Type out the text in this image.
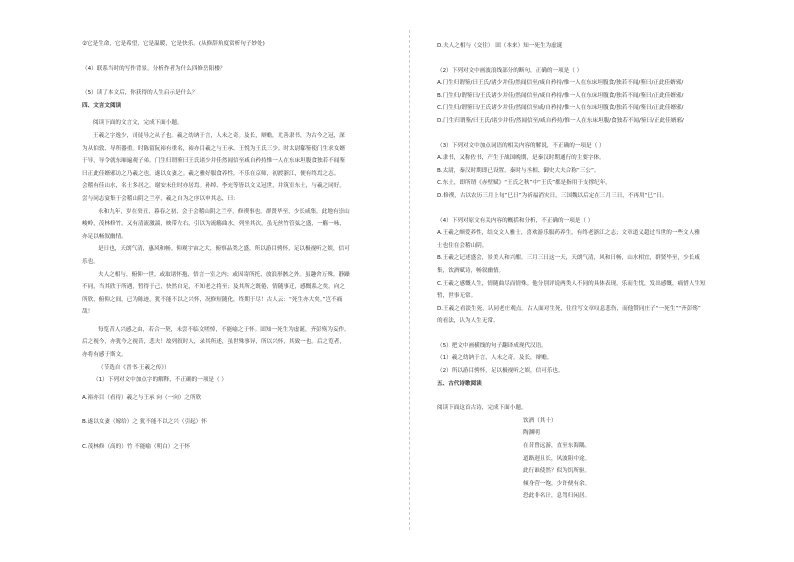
②它是生命，它是希望，它是温暖，它是快乐。(从修辞角度赏析句子妙处)
（4）联系当时的写作背景，分析作者为什么四修岳阳楼？
（5）读了本文后，你获得的人生启示是什么？
四、文言文阅读
阅读下面的文言文，完成下面小题。
王羲之字逸少，司徒导之从子也。羲之幼讷于言，人未之奇。及长，辩赡，尤善隶书，为古今之冠，深
为从伯敦、导所器重。时陈留阮裕有重名，裕亦目羲之与王承、王悦为王氏三少。时太尉郗鉴使门生求女婿
于导，导令就东厢遍观子弟。门生归谓鉴曰王氏诸少并佳然闻信至咸自矜持惟一人在东床坦腹食独若不闻鉴
曰正此佳婿邪访之乃羲之也，遂以女妻之。羲之雅好服食养性，不乐在京师，初渡浙江，便有终焉之志。
会稽有佳山水，名士多居之，谢安未仕时亦居焉。孙绰、李充等皆以文义冠世，并筑室东土，与羲之同好。
尝与同志宴集于会稽山阴之兰亭，羲之自为之序以申其志，曰：
永和九年，岁在癸丑，暮春之初，会于会稽山阴之兰亭，修禊事也。群贤毕至，少长咸集。此地有崇山
峻岭，茂林修竹，又有清流激湍，映带左右，引以为流觞曲水，列坐其次。虽无丝竹管弦之盛，一觞一咏，
亦足以畅叙幽情。
是日也，天朗气清，惠风和畅。仰观宇宙之大，俯察品类之盛，所以游目骋怀，足以极视听之娱，信可
乐也。
夫人之相与，俯仰一世。或取诸怀抱，悟言一室之内；或因寄所托，放浪形骸之外。虽趣舍万殊，静躁
不同，当其欣于所遇，暂得于己，快然自足，不知老之将至；及其所之既倦，情随事迁，感慨系之矣。向之
所欣，俯仰之间，已为陈迹，犹不能不以之兴怀，况修短随化，终期于尽！古人云：“死生亦大矣。”岂不痛
哉！
每览昔人兴感之由，若合一契，未尝不临文嗟悼，不能喻之于怀。固知一死生为虚诞，齐彭殇为妄作。
后之视今，亦犹今之视昔，悲夫！故列叙时人，录其所述，虽世殊事异，所以兴怀，其致一也。后之览者，
亦将有感于斯文。
（节选自《晋书·王羲之传》）
（1）下列对文中加点字的解释，不正确的一项是（ ）
A.裕亦目（看待）羲之与王承 向（一向）之所欣
B.遂以女妻（嫁给）之 犹不能不以之兴（引起）怀
C.茂林修（高的）竹 不能喻（明白）之于怀
D.夫人之相与（交往） 固（本来）知一死生为虚诞
（2）下列对文中画波浪线部分的断句，正确的一项是（ ）
A.门生归谓鉴/曰王氏/诸少并佳/然闻信至/咸自矜持/惟一人在东床坦腹食/独若不闻/鉴曰/正此佳婿邪/
B.门生归/谓鉴曰/王氏诸少并佳/然闻信至/咸自矜持/惟一人在东床坦腹食/独若不闻/鉴曰/正此佳婿邪/
C.门生归/谓鉴曰/王氏诸少并佳/然闻信至咸/自矜持/惟一人在东床坦腹食/独若不闻/鉴曰/正此佳婿邪/
D.门生归谓鉴/曰王氏/诸少并佳/然闻信至/咸自矜持/惟一人在东床坦腹/食独若不闻/鉴曰/正此佳婿邪/
（3）下列对文中加点词语的相关内容的解说，不正确的一项是（ ）
A.隶书，又称佐书，产生于战国晚期，是秦汉时期通行的主要字体。
B.太尉，秦汉时期即已设置，秦时与丞相、御史大夫合称“三公”。
C.东土，即所谓《赤壁赋》“王氏之秋”中“王氏”都是指用于支撑纪年。
D.修禊，古以农历三月上旬“巳日”为祈福消灾日，三国魏以后定在三月三日，不再用“巳”日。
（4）下列对原文有关内容的概括和分析，不正确的一项是（ ）
A.王羲之颇爱养性，结交文人雅士，喜欢游乐服药养生，有终老浙江之志；文章道义超过当世的一些文人雅
士也住在会稽山阴。
B.王羲之记述盛会，景美人和兴酣。三月三日这一天，天朗气清，风和日畅，山水相宜，群贤毕至，少长咸
集，饮酒赋诗，畅叙幽情。
C.王羲之感慨人生，情随曲尽而情殊。他分别评说两类人不同的具体表现，乐而生忧，发出感慨，痛惜人生短
暂，世事无常。
D.王羲之看淡生死，认同老庄观点。古人面对生死，往往写文章叹息悲伤，而他赞同庄子“一死生”“齐彭殇”
的看法，认为人生无常。
（5）把文中画横线的句子翻译成现代汉语。
（1）羲之幼讷于言，人未之奇。及长，辩赡。
（2）所以游目骋怀，足以极视听之娱，信可乐也。
五、古代诗歌阅读
阅读下面这首古诗，完成下面小题。
饮酒（其十）
陶渊明
在昔曾远游，直至东海隅。
道路迥且长，风波阻中途。
此行谁使然？似为饥所驱。
倾身营一饱，少许便有余。
恐此非名计，息驾归闲居。
